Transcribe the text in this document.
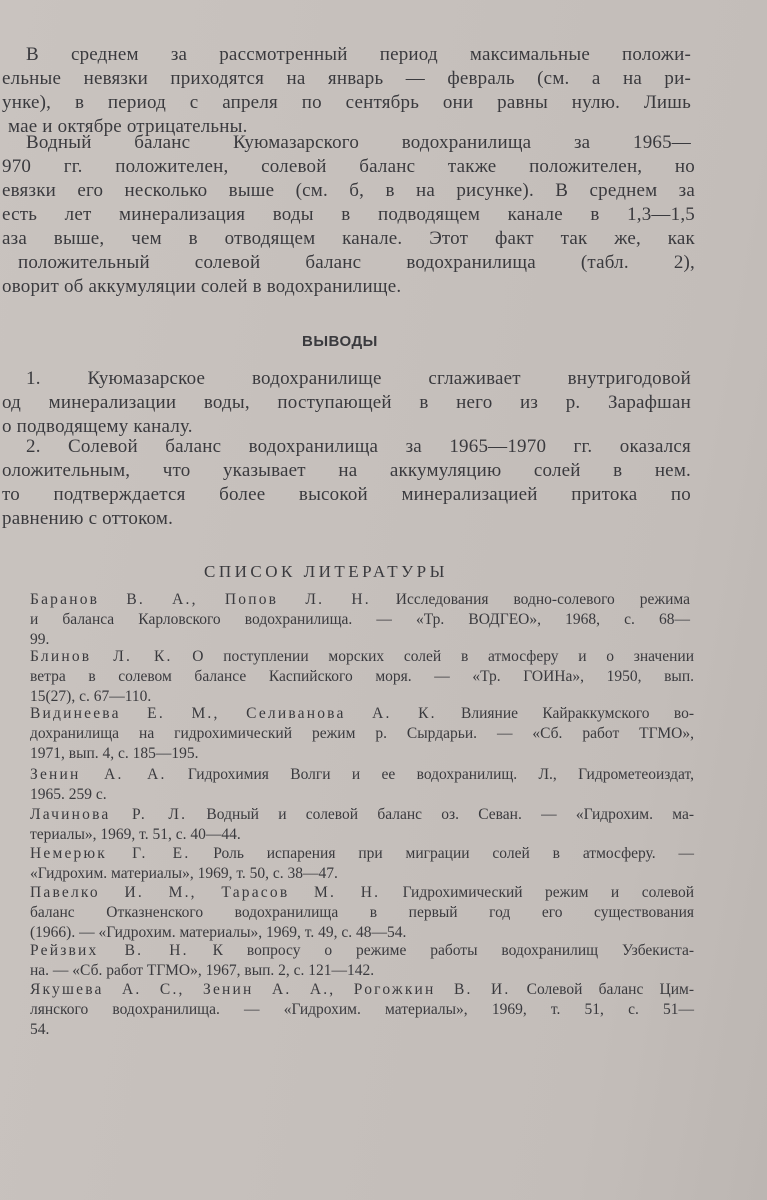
В среднем за рассмотренный период максимальные положи-
ельные невязки приходятся на январь — февраль (см. а на ри-
унке), в период с апреля по сентябрь они равны нулю. Лишь
мае и октябре отрицательны.
Водный баланс Куюмазарского водохранилища за 1965—
970 гг. положителен, солевой баланс также положителен, но
евязки его несколько выше (см. б, в на рисунке). В среднем за
есть лет минерализация воды в подводящем канале в 1,3—1,5
аза выше, чем в отводящем канале. Этот факт так же, как
положительный солевой баланс водохранилища (табл. 2),
оворит об аккумуляции солей в водохранилище.
ВЫВОДЫ
1. Куюмазарское водохранилище сглаживает внутригодовой
од минерализации воды, поступающей в него из р. Зарафшан
о подводящему каналу.
2. Солевой баланс водохранилища за 1965—1970 гг. оказался
оложительным, что указывает на аккумуляцию солей в нем.
то подтверждается более высокой минерализацией притока по
равнению с оттоком.
СПИСОК ЛИТЕРАТУРЫ
Баранов В. А., Попов Л. Н. Исследования водно-солевого режима
и баланса Карловского водохранилища. — «Тр. ВОДГЕО», 1968, с. 68—
99.
Блинов Л. К. О поступлении морских солей в атмосферу и о значении
ветра в солевом балансе Каспийского моря. — «Тр. ГОИНа», 1950, вып.
15(27), с. 67—110.
Видинеева Е. М., Селиванова А. К. Влияние Кайраккумского во-
дохранилища на гидрохимический режим р. Сырдарьи. — «Сб. работ ТГМО»,
1971, вып. 4, с. 185—195.
Зенин А. А. Гидрохимия Волги и ее водохранилищ. Л., Гидрометеоиздат,
1965. 259 с.
Лачинова Р. Л. Водный и солевой баланс оз. Севан. — «Гидрохим. ма-
териалы», 1969, т. 51, с. 40—44.
Немерюк Г. Е. Роль испарения при миграции солей в атмосферу. —
«Гидрохим. материалы», 1969, т. 50, с. 38—47.
Павелко И. М., Тарасов М. Н. Гидрохимический режим и солевой
баланс Отказненского водохранилища в первый год его существования
(1966). — «Гидрохим. материалы», 1969, т. 49, с. 48—54.
Рейзвих В. Н. К вопросу о режиме работы водохранилищ Узбекиста-
на. — «Сб. работ ТГМО», 1967, вып. 2, с. 121—142.
Якушева А. С., Зенин А. А., Рогожкин В. И. Солевой баланс Цим-
лянского водохранилища. — «Гидрохим. материалы», 1969, т. 51, с. 51—
54.
